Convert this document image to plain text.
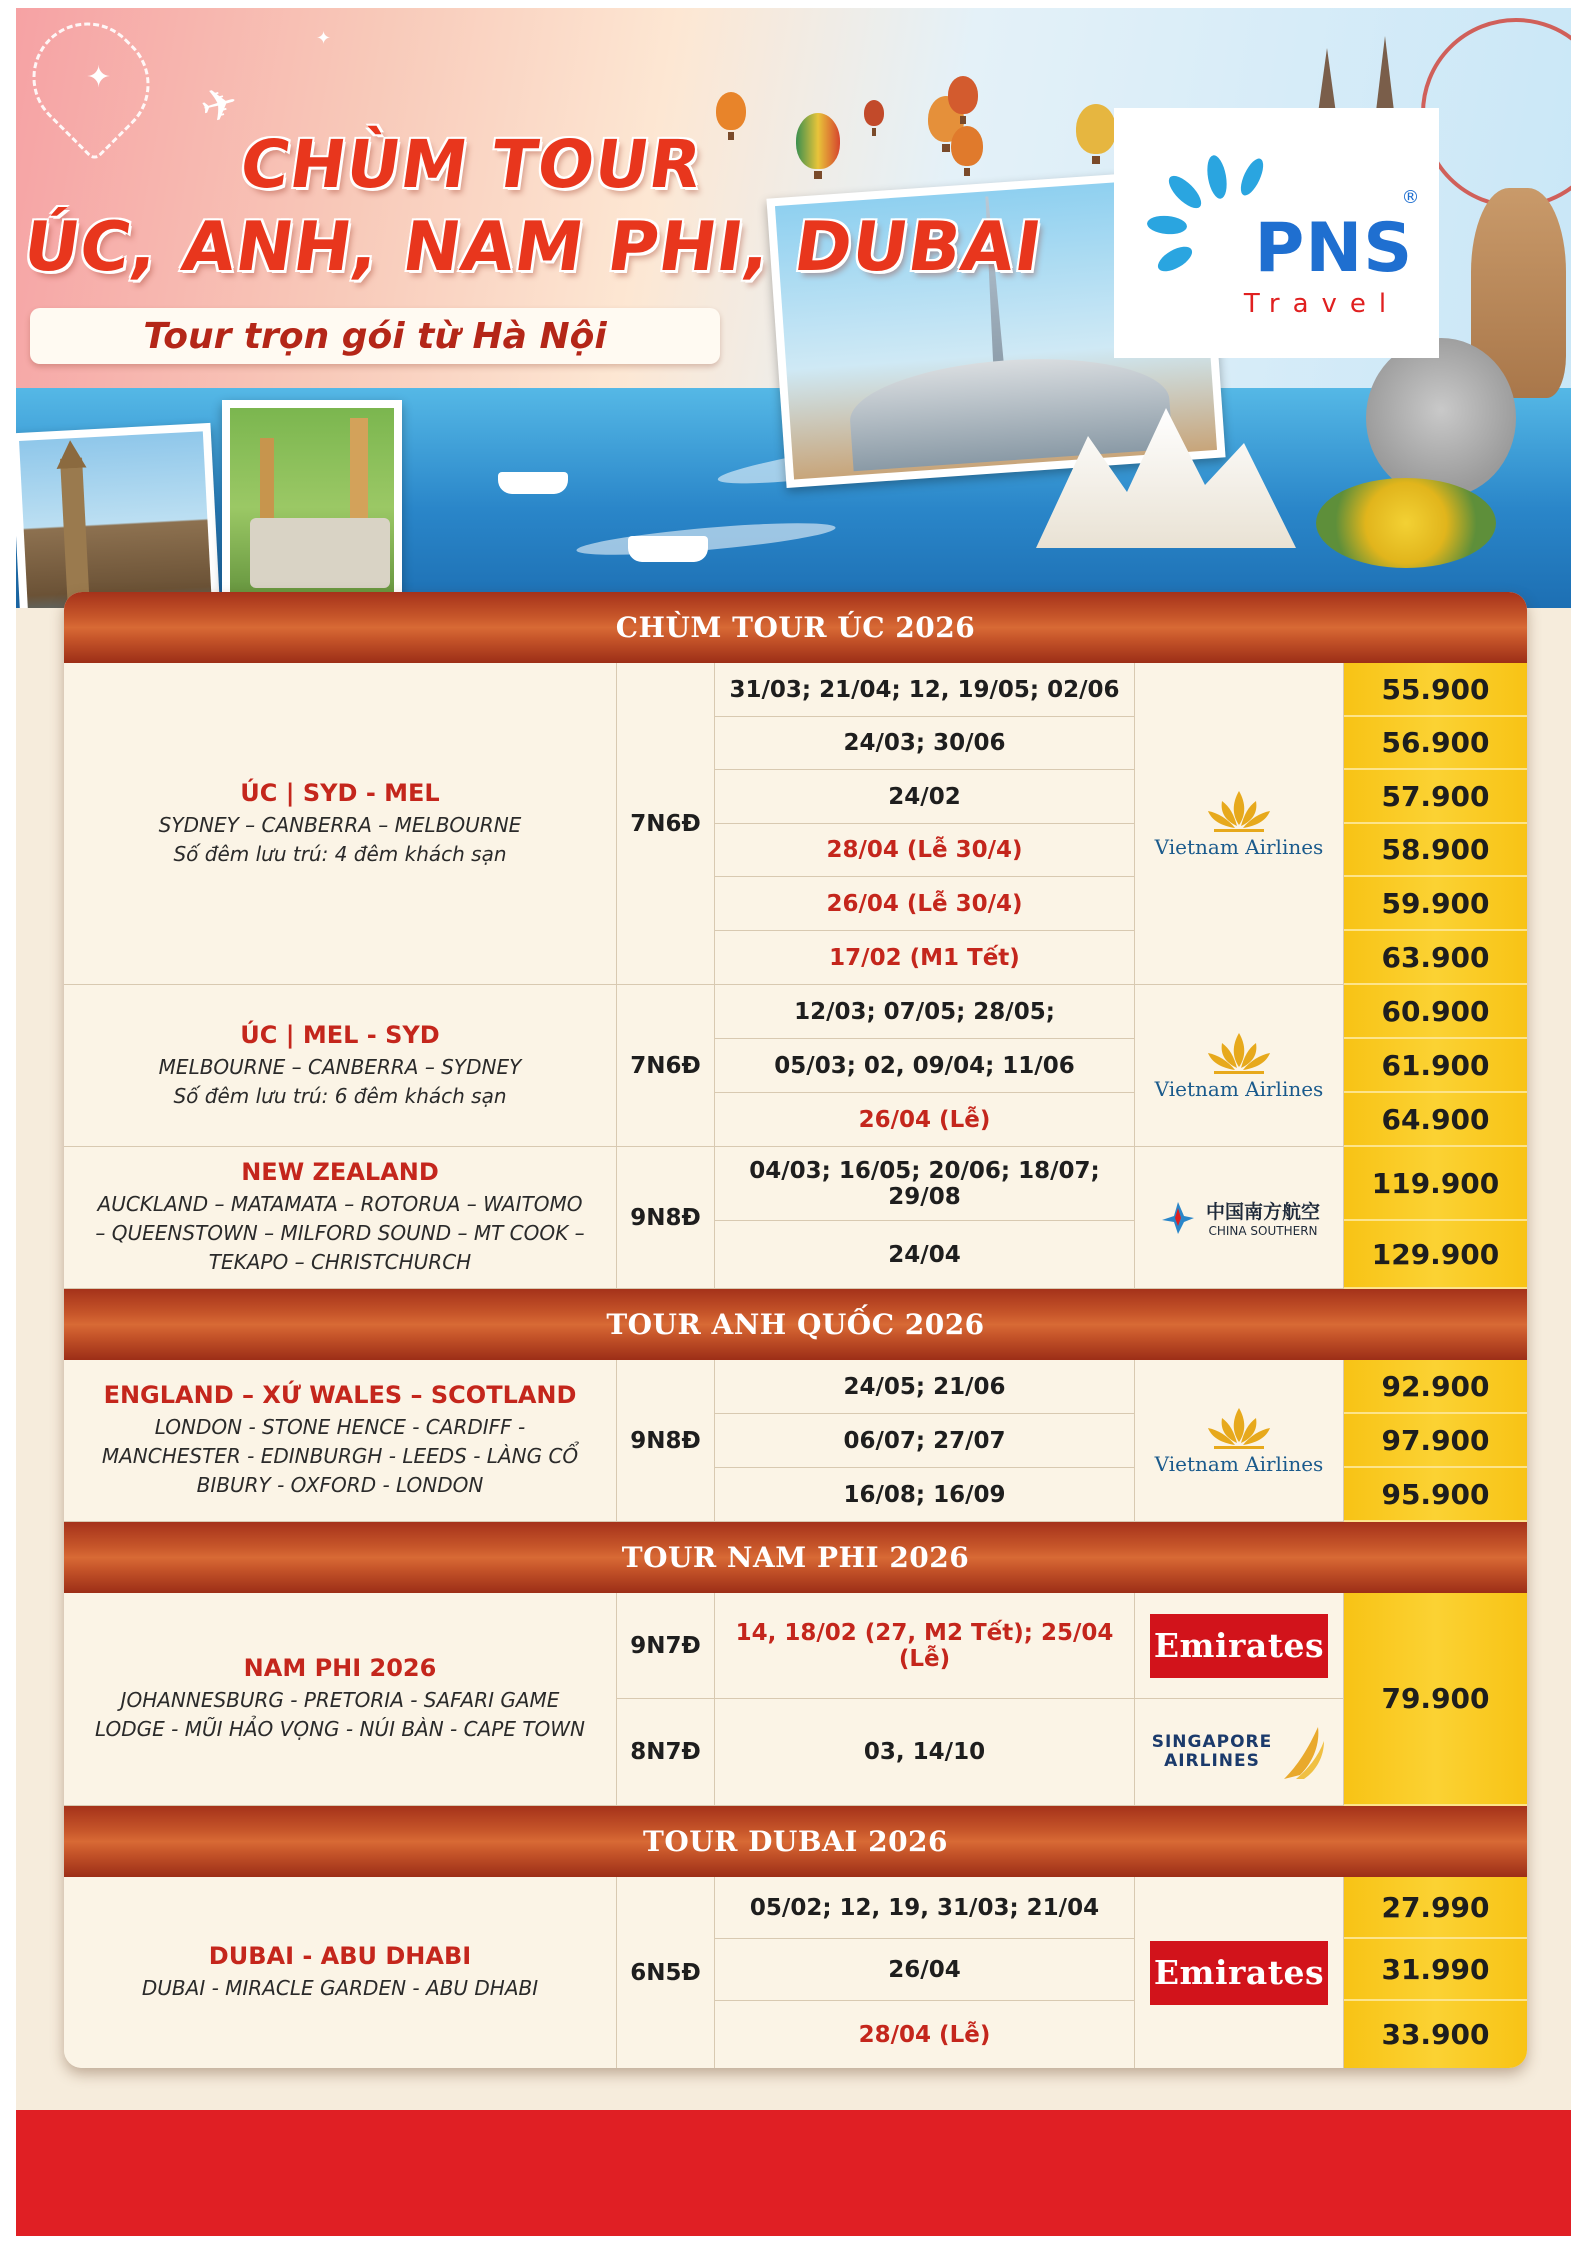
✦
✦
✈
CHÙM TOUR
ÚC, ANH, NAM PHI, DUBAI
Tour trọn gói từ Hà Nội
PNS
®
Travel
CHÙM TOUR ÚC 2026
ÚC | SYD - MEL
SYDNEY – CANBERRA – MELBOURNE
Số đêm lưu trú: 4 đêm khách sạn
7N6Đ
31/03; 21/04; 12, 19/05; 02/06
24/03; 30/06
24/02
28/04 (Lễ 30/4)
26/04 (Lễ 30/4)
17/02 (M1 Tết)
Vietnam Airlines
55.900
56.900
57.900
58.900
59.900
63.900
ÚC | MEL - SYD
MELBOURNE – CANBERRA – SYDNEY
Số đêm lưu trú: 6 đêm khách sạn
7N6Đ
12/03; 07/05; 28/05;
05/03; 02, 09/04; 11/06
26/04 (Lễ)
Vietnam Airlines
60.900
61.900
64.900
NEW ZEALAND
AUCKLAND – MATAMATA – ROTORUA – WAITOMO
– QUEENSTOWN – MILFORD SOUND – MT COOK –
TEKAPO – CHRISTCHURCH
9N8Đ
04/03; 16/05; 20/06; 18/07; 29/08
24/04
中国南方航空
CHINA SOUTHERN
119.900
129.900
TOUR ANH QUỐC 2026
ENGLAND – XỨ WALES – SCOTLAND
LONDON - STONE HENCE - CARDIFF -
MANCHESTER - EDINBURGH - LEEDS - LÀNG CỔ
BIBURY - OXFORD - LONDON
9N8Đ
24/05; 21/06
06/07; 27/07
16/08; 16/09
Vietnam Airlines
92.900
97.900
95.900
TOUR NAM PHI 2026
NAM PHI 2026
JOHANNESBURG - PRETORIA - SAFARI GAME
LODGE - MŨI HẢO VỌNG - NÚI BÀN - CAPE TOWN
9N7Đ
8N7Đ
14, 18/02 (27, M2 Tết); 25/04 (Lễ)
03, 14/10
Emirates
SINGAPORE
AIRLINES
79.900
TOUR DUBAI 2026
DUBAI - ABU DHABI
DUBAI - MIRACLE GARDEN - ABU DHABI
6N5Đ
05/02; 12, 19, 31/03; 21/04
26/04
28/04 (Lễ)
Emirates
27.990
31.990
33.900
